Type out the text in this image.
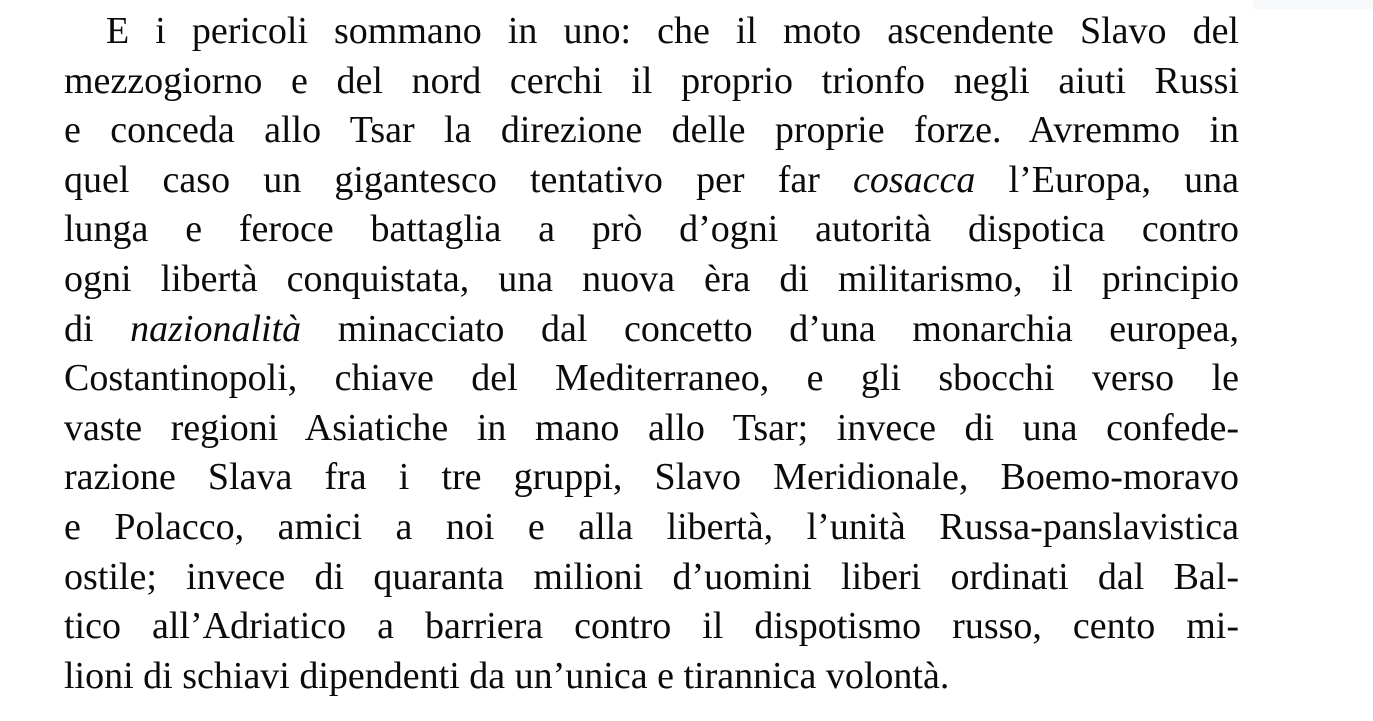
E i pericoli sommano in uno: che il moto ascendente Slavo del
mezzogiorno e del nord cerchi il proprio trionfo negli aiuti Russi
e conceda allo Tsar la direzione delle proprie forze. Avremmo in
quel caso un gigantesco tentativo per far cosacca l’Europa, una
lunga e feroce battaglia a prò d’ogni autorità dispotica contro
ogni libertà conquistata, una nuova èra di militarismo, il principio
di nazionalità minacciato dal concetto d’una monarchia europea,
Costantinopoli, chiave del Mediterraneo, e gli sbocchi verso le
vaste regioni Asiatiche in mano allo Tsar; invece di una confede-
razione Slava fra i tre gruppi, Slavo Meridionale, Boemo-moravo
e Polacco, amici a noi e alla libertà, l’unità Russa-panslavistica
ostile; invece di quaranta milioni d’uomini liberi ordinati dal Bal-
tico all’Adriatico a barriera contro il dispotismo russo, cento mi-
lioni di schiavi dipendenti da un’unica e tirannica volontà.
